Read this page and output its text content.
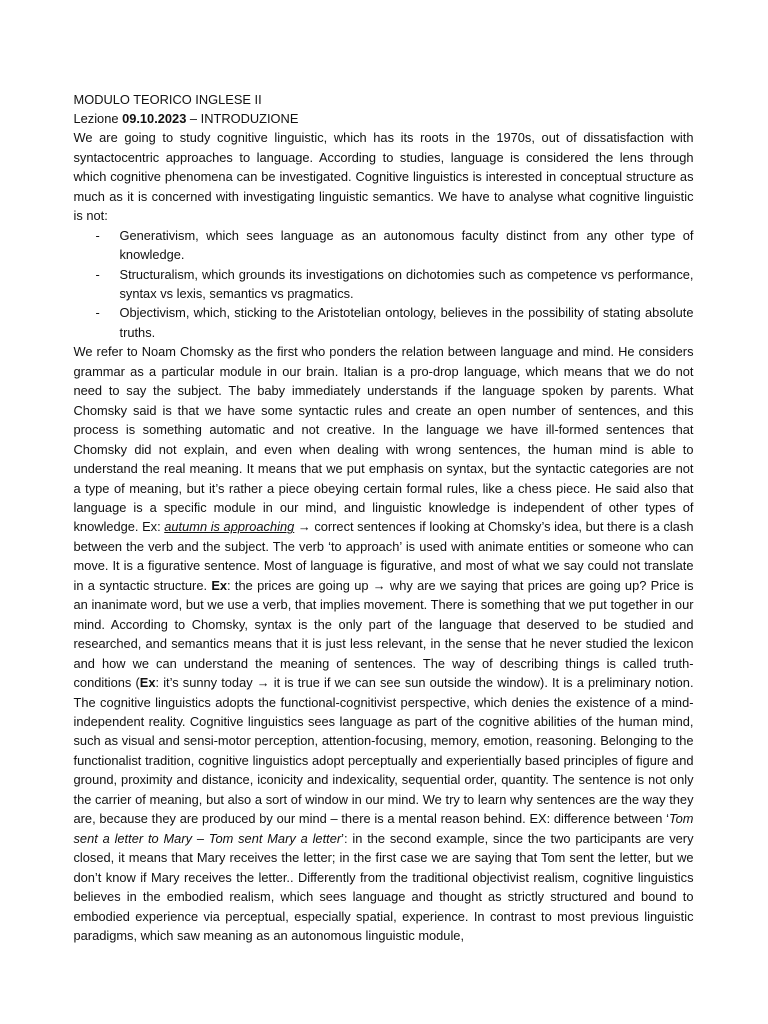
MODULO TEORICO INGLESE II

Lezione 09.10.2023 – INTRODUZIONE

We are going to study cognitive linguistic, which has its roots in the 1970s, out of dissatisfaction with syntactocentric approaches to language. According to studies, language is considered the lens through which cognitive phenomena can be investigated. Cognitive linguistics is interested in conceptual structure as much as it is concerned with investigating linguistic semantics. We have to analyse what cognitive linguistic is not:

- Generativism, which sees language as an autonomous faculty distinct from any other type of knowledge.
- Structuralism, which grounds its investigations on dichotomies such as competence vs performance, syntax vs lexis, semantics vs pragmatics.
- Objectivism, which, sticking to the Aristotelian ontology, believes in the possibility of stating absolute truths.

We refer to Noam Chomsky as the first who ponders the relation between language and mind. He considers grammar as a particular module in our brain. Italian is a pro-drop language, which means that we do not need to say the subject. The baby immediately understands if the language spoken by parents. What Chomsky said is that we have some syntactic rules and create an open number of sentences, and this process is something automatic and not creative. In the language we have ill-formed sentences that Chomsky did not explain, and even when dealing with wrong sentences, the human mind is able to understand the real meaning. It means that we put emphasis on syntax, but the syntactic categories are not a type of meaning, but it’s rather a piece obeying certain formal rules, like a chess piece. He said also that language is a specific module in our mind, and linguistic knowledge is independent of other types of knowledge. Ex: autumn is approaching → correct sentences if looking at Chomsky’s idea, but there is a clash between the verb and the subject. The verb ‘to approach’ is used with animate entities or someone who can move. It is a figurative sentence. Most of language is figurative, and most of what we say could not translate in a syntactic structure. Ex: the prices are going up → why are we saying that prices are going up? Price is an inanimate word, but we use a verb, that implies movement. There is something that we put together in our mind. According to Chomsky, syntax is the only part of the language that deserved to be studied and researched, and semantics means that it is just less relevant, in the sense that he never studied the lexicon and how we can understand the meaning of sentences. The way of describing things is called truth-conditions (Ex: it’s sunny today → it is true if we can see sun outside the window). It is a preliminary notion. The cognitive linguistics adopts the functional-cognitivist perspective, which denies the existence of a mind-independent reality. Cognitive linguistics sees language as part of the cognitive abilities of the human mind, such as visual and sensi-motor perception, attention-focusing, memory, emotion, reasoning. Belonging to the functionalist tradition, cognitive linguistics adopt perceptually and experientially based principles of figure and ground, proximity and distance, iconicity and indexicality, sequential order, quantity. The sentence is not only the carrier of meaning, but also a sort of window in our mind. We try to learn why sentences are the way they are, because they are produced by our mind – there is a mental reason behind. EX: difference between ‘Tom sent a letter to Mary – Tom sent Mary a letter’: in the second example, since the two participants are very closed, it means that Mary receives the letter; in the first case we are saying that Tom sent the letter, but we don’t know if Mary receives the letter.. Differently from the traditional objectivist realism, cognitive linguistics believes in the embodied realism, which sees language and thought as strictly structured and bound to embodied experience via perceptual, especially spatial, experience. In contrast to most previous linguistic paradigms, which saw meaning as an autonomous linguistic module,
